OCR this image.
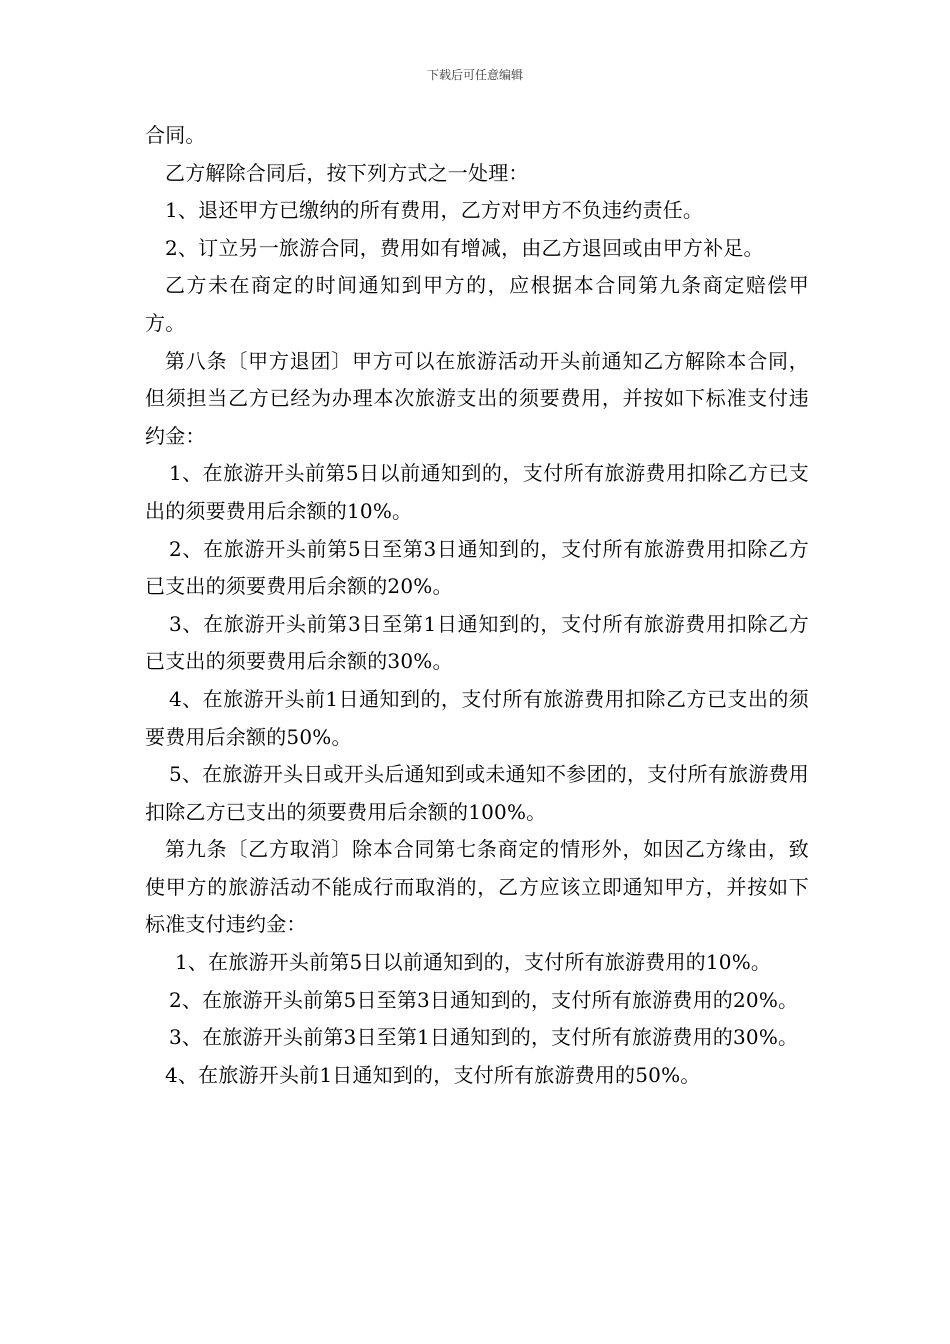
下载后可任意编辑

合同。

乙方解除合同后，按下列方式之一处理：

1、退还甲方已缴纳的所有费用，乙方对甲方不负违约责任。

2、订立另一旅游合同，费用如有增减，由乙方退回或由甲方补足。

乙方未在商定的时间通知到甲方的，应根据本合同第九条商定赔偿甲方。

第八条〔甲方退团〕甲方可以在旅游活动开头前通知乙方解除本合同，但须担当乙方已经为办理本次旅游支出的须要费用，并按如下标准支付违约金：

1、在旅游开头前第5日以前通知到的，支付所有旅游费用扣除乙方已支出的须要费用后余额的10%。

2、在旅游开头前第5日至第3日通知到的，支付所有旅游费用扣除乙方已支出的须要费用后余额的20%。

3、在旅游开头前第3日至第1日通知到的，支付所有旅游费用扣除乙方已支出的须要费用后余额的30%。

4、在旅游开头前1日通知到的，支付所有旅游费用扣除乙方已支出的须要费用后余额的50%。

5、在旅游开头日或开头后通知到或未通知不参团的，支付所有旅游费用扣除乙方已支出的须要费用后余额的100%。

第九条〔乙方取消〕除本合同第七条商定的情形外，如因乙方缘由，致使甲方的旅游活动不能成行而取消的，乙方应该立即通知甲方，并按如下标准支付违约金：

1、在旅游开头前第5日以前通知到的，支付所有旅游费用的10%。

2、在旅游开头前第5日至第3日通知到的，支付所有旅游费用的20%。

3、在旅游开头前第3日至第1日通知到的，支付所有旅游费用的30%。

4、在旅游开头前1日通知到的，支付所有旅游费用的50%。
